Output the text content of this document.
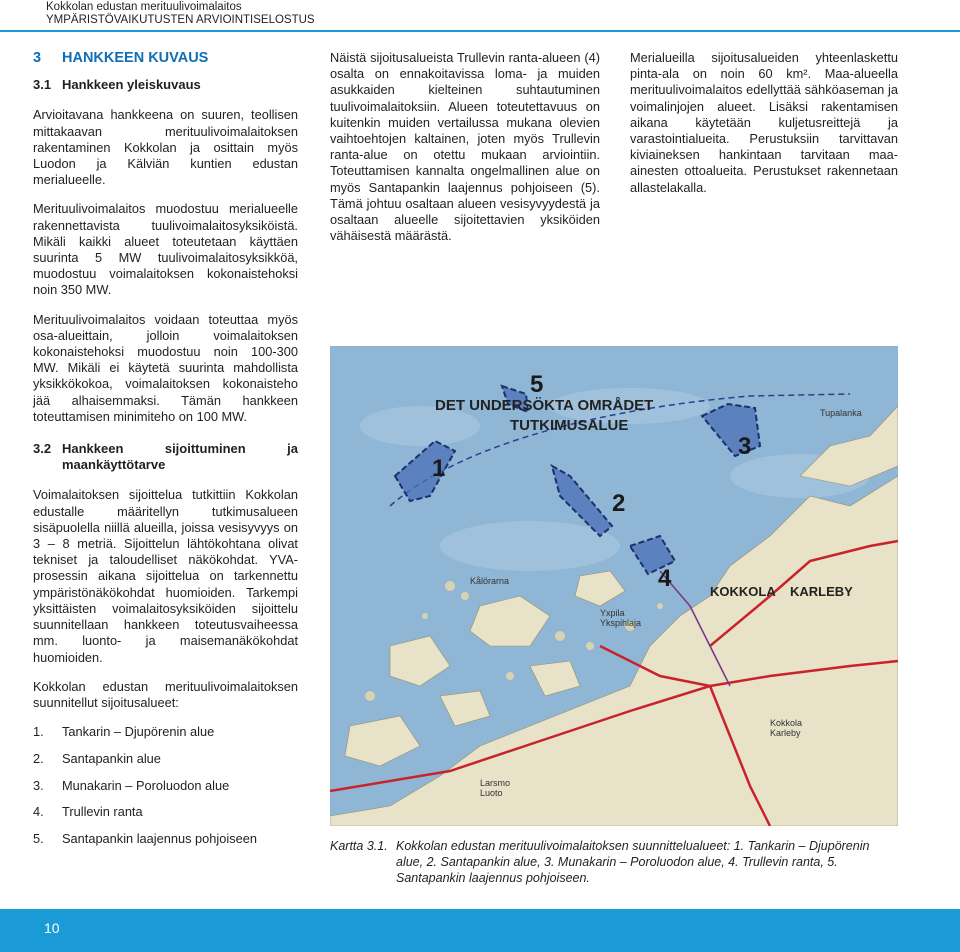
Kokkolan edustan merituulivoimalaitos
YMPÄRISTÖVAIKUTUSTEN ARVIOINTISELOSTUS
3	HANKKEEN KUVAUS
3.1 Hankkeen yleiskuvaus

Arvioitavana hankkeena on suuren, teollisen mittakaavan merituulivoimalaitoksen rakentaminen Kokkolan ja osittain myös Luodon ja Kälviän kuntien edustan merialueelle.

Merituulivoimalaitos muodostuu merialueelle rakennettavista tuulivoimalaitosyksiköistä. Mikäli kaikki alueet toteutetaan käyttäen suurinta 5 MW tuulivoimalaitosyksikköä, muodostuu voimalaitoksen kokonaistehoksi noin 350 MW.

Merituulivoimalaitos voidaan toteuttaa myös osa-alueittain, jolloin voimalaitoksen kokonaistehoksi muodostuu noin 100-300 MW. Mikäli ei käytetä suurinta mahdollista yksikkökokoa, voimalaitoksen kokonaisteho jää alhaisemmaksi. Tämän hankkeen toteuttamisen minimiteho on 100 MW.

3.2 Hankkeen sijoittuminen ja maankäyttötarve

Voimalaitoksen sijoittelua tutkittiin Kokkolan edustalle määritellyn tutkimusalueen sisäpuolella niillä alueilla, joissa vesisyvyys on 3 – 8 metriä. Sijoittelun lähtökohtana olivat tekniset ja taloudelliset näkökohdat. YVA-prosessin aikana sijoittelua on tarkennettu ympäristönäkökohdat huomioiden. Tarkempi yksittäisten voimalaitosyksiköiden sijoittelu suunnitellaan hankkeen toteutusvaiheessa mm. luonto- ja maisemanäkökohdat huomioiden.

Kokkolan edustan merituulivoimalaitoksen suunnitellut sijoitusalueet:

1.	Tankarin – Djupörenin alue
2.	Santapankin alue
3.	Munakarin – Poroluodon alue
4.	Trullevin ranta
5.	Santapankin laajennus pohjoiseen

Näistä sijoitusalueista Trullevin ranta-alueen (4) osalta on ennakoitavissa loma- ja muiden asukkaiden kielteinen suhtautuminen tuulivoimalaitoksiin. Alueen toteutettavuus on kuitenkin muiden vertailussa mukana olevien vaihtoehtojen kaltainen, joten myös Trullevin ranta-alue on otettu mukaan arviointiin. Toteuttamisen kannalta ongelmallinen alue on myös Santapankin laajennus pohjoiseen (5). Tämä johtuu osaltaan alueen vesisyvyydestä ja osaltaan alueelle sijoitettavien yksiköiden vähäisestä määrästä.

Merialueilla sijoitusalueiden yhteenlaskettu pinta-ala on noin 60 km². Maa-alueella merituulivoimalaitos edellyttää sähköaseman ja voimalinjojen alueet. Lisäksi rakentamisen aikana käytetään kuljetusreittejä ja varastointialueita. Perustuksiin tarvittavan kiviaineksen hankintaan tarvitaan maa-ainesten ottoalueita. Perustukset rakennetaan allastelakalla.

DET UNDERSÖKTA OMRÅDET
TUTKIMUSALUE
5
1
2
3
4	KOKKOLA KARLEBY
Yxpila
Ykspihlaja
Kokkola
Karleby
Larsmo
Luoto
Kålörarna
Tupalanka
Kartta 3.1. Kokkolan edustan merituulivoimalaitoksen suunnittelualueet: 1. Tankarin – Djupörenin alue, 2. Santapankin alue, 3. Munakarin – Poroluodon alue, 4. Trullevin ranta, 5. Santapankin laajennus pohjoiseen.
10
